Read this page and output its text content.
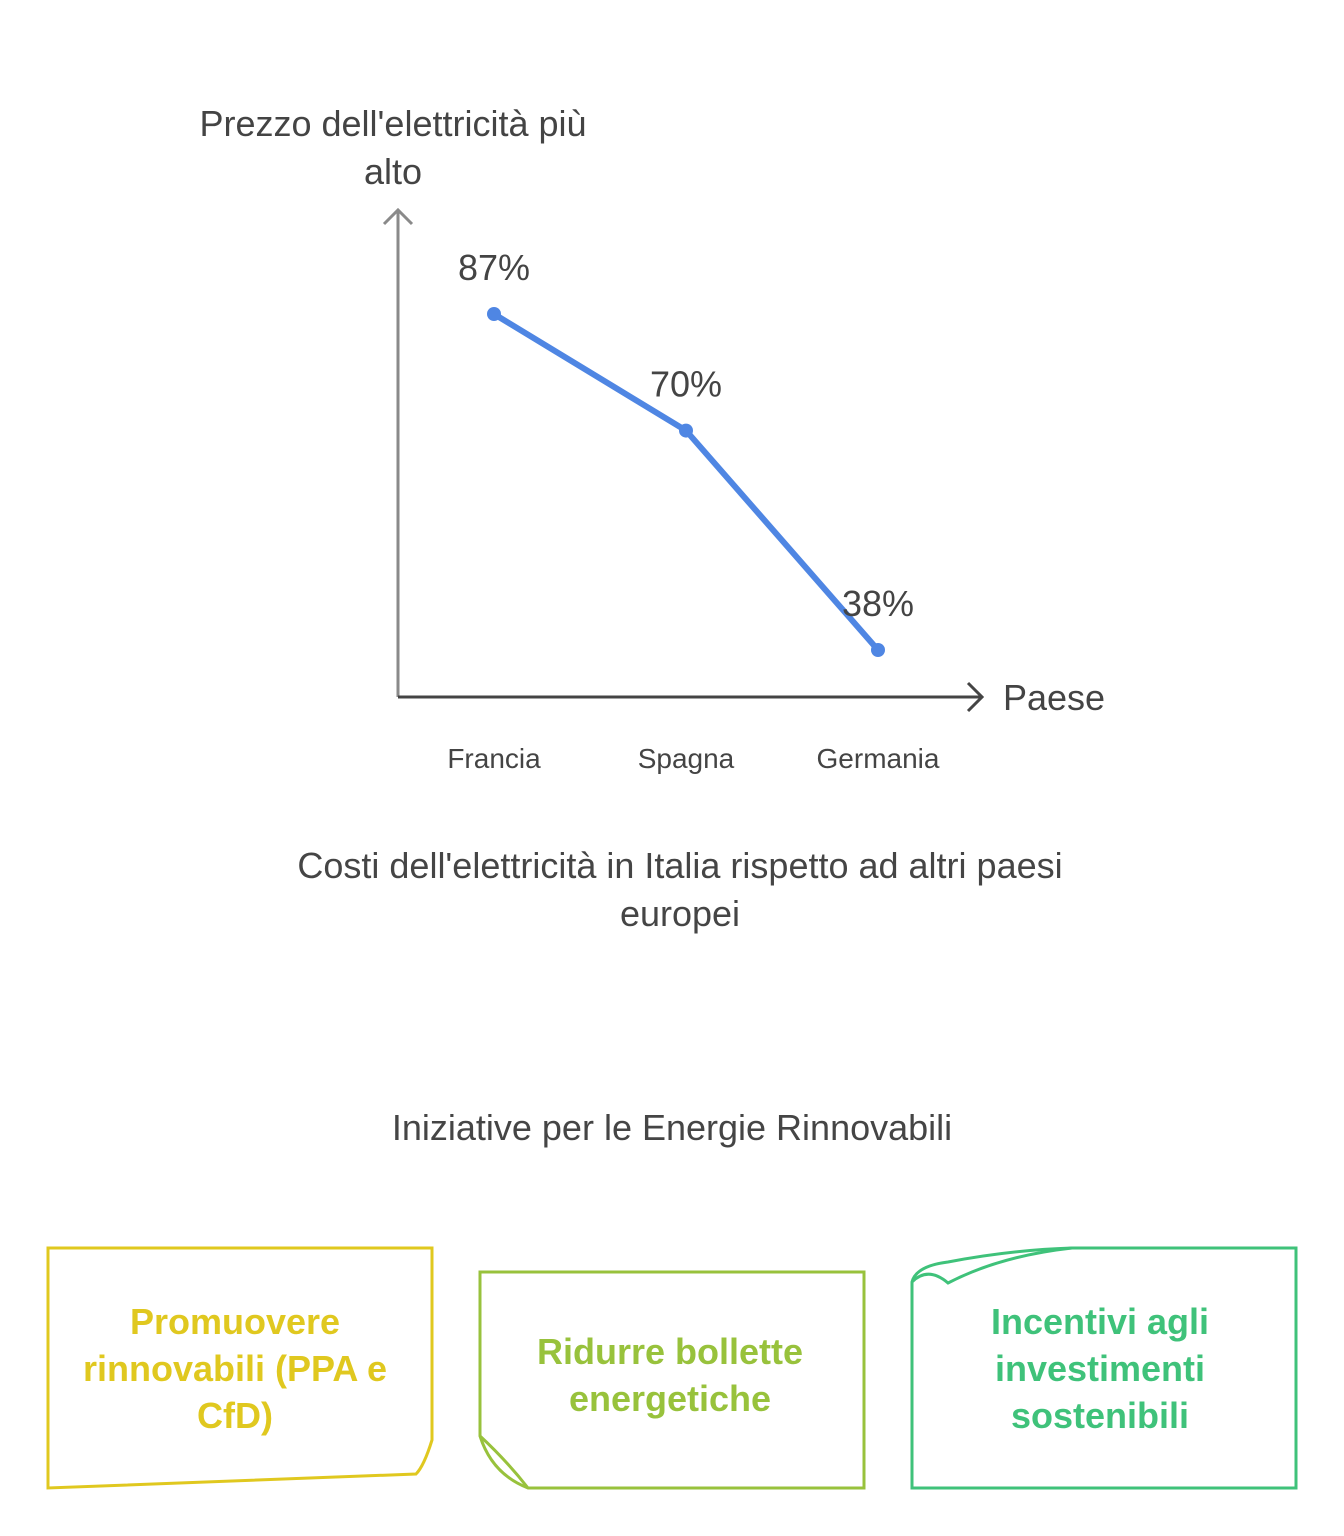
Prezzo dell'elettricità più
alto
Paese
87%
Francia
70%
Spagna
38%
Germania
Costi dell'elettricità in Italia rispetto ad altri paesi europei
Iniziative per le Energie Rinnovabili
Promuovere rinnovabili (PPA e CfD)
Ridurre bollette energetiche
Incentivi agli investimenti sostenibili
